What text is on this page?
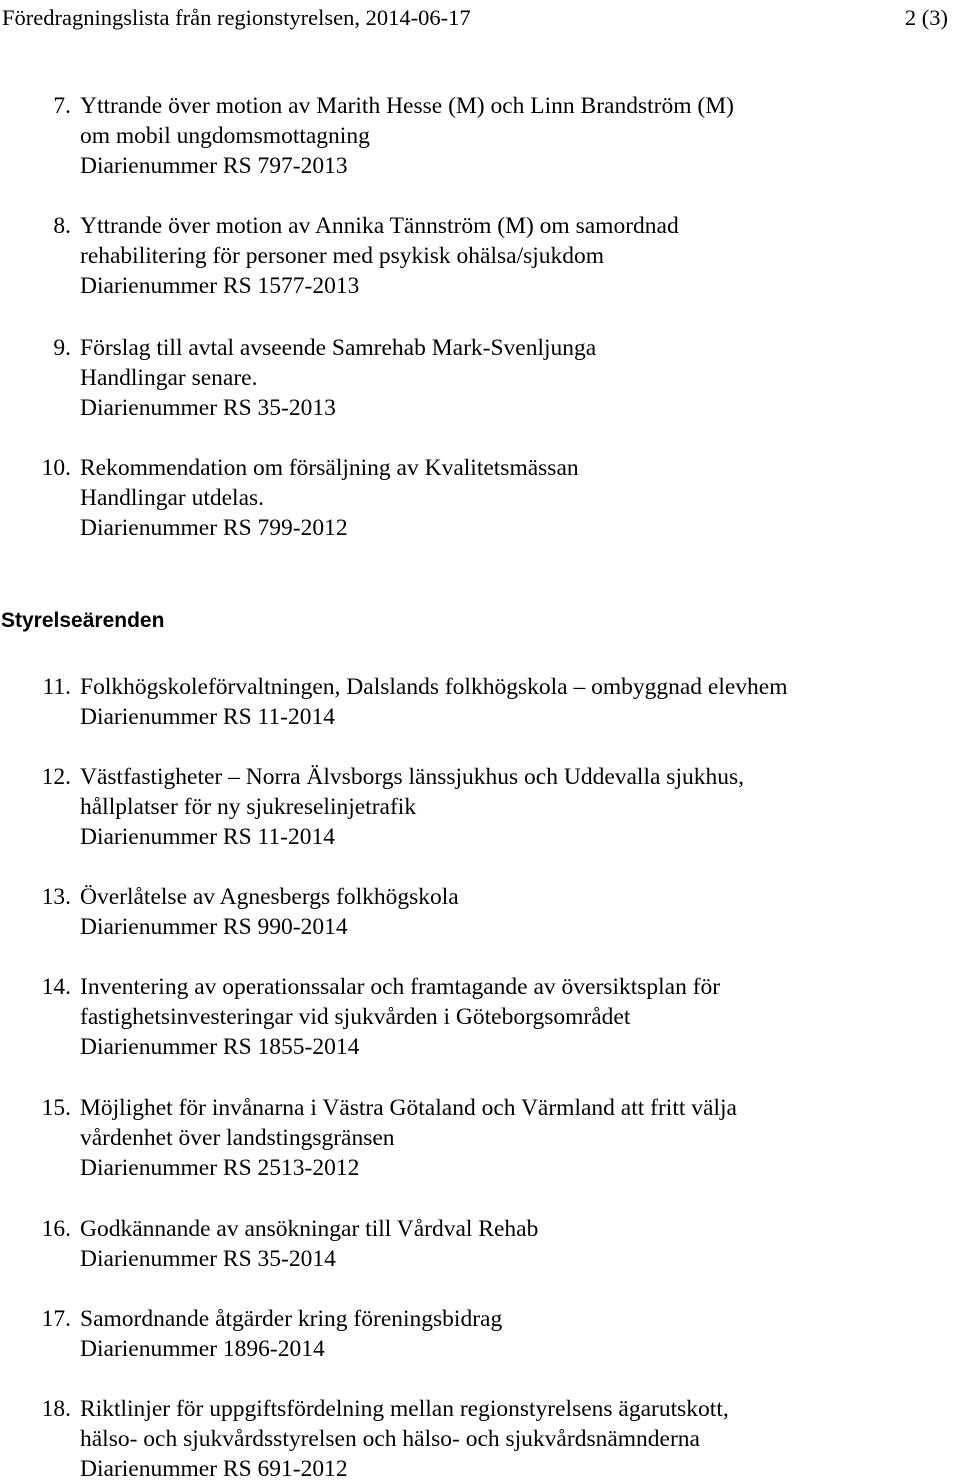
Föredragningslista från regionstyrelsen, 2014-06-17	2 (3)
7. Yttrande över motion av Marith Hesse (M) och Linn Brandström (M)
om mobil ungdomsmottagning
Diarienummer RS 797-2013
8. Yttrande över motion av Annika Tännström (M) om samordnad
rehabilitering för personer med psykisk ohälsa/sjukdom
Diarienummer RS 1577-2013
9. Förslag till avtal avseende Samrehab Mark-Svenljunga
Handlingar senare.
Diarienummer RS 35-2013
10. Rekommendation om försäljning av Kvalitetsmässan
Handlingar utdelas.
Diarienummer RS 799-2012
Styrelseärenden
11. Folkhögskoleförvaltningen, Dalslands folkhögskola – ombyggnad elevhem
Diarienummer RS 11-2014
12. Västfastigheter – Norra Älvsborgs länssjukhus och Uddevalla sjukhus,
hållplatser för ny sjukreselinjetrafik
Diarienummer RS 11-2014
13. Överlåtelse av Agnesbergs folkhögskola
Diarienummer RS 990-2014
14. Inventering av operationssalar och framtagande av översiktsplan för
fastighetsinvesteringar vid sjukvården i Göteborgsområdet
Diarienummer RS 1855-2014
15. Möjlighet för invånarna i Västra Götaland och Värmland att fritt välja
vårdenhet över landstingsgränsen
Diarienummer RS 2513-2012
16. Godkännande av ansökningar till Vårdval Rehab
Diarienummer RS 35-2014
17. Samordnande åtgärder kring föreningsbidrag
Diarienummer 1896-2014
18. Riktlinjer för uppgiftsfördelning mellan regionstyrelsens ägarutskott,
hälso- och sjukvårdsstyrelsen och hälso- och sjukvårdsnämnderna
Diarienummer RS 691-2012
